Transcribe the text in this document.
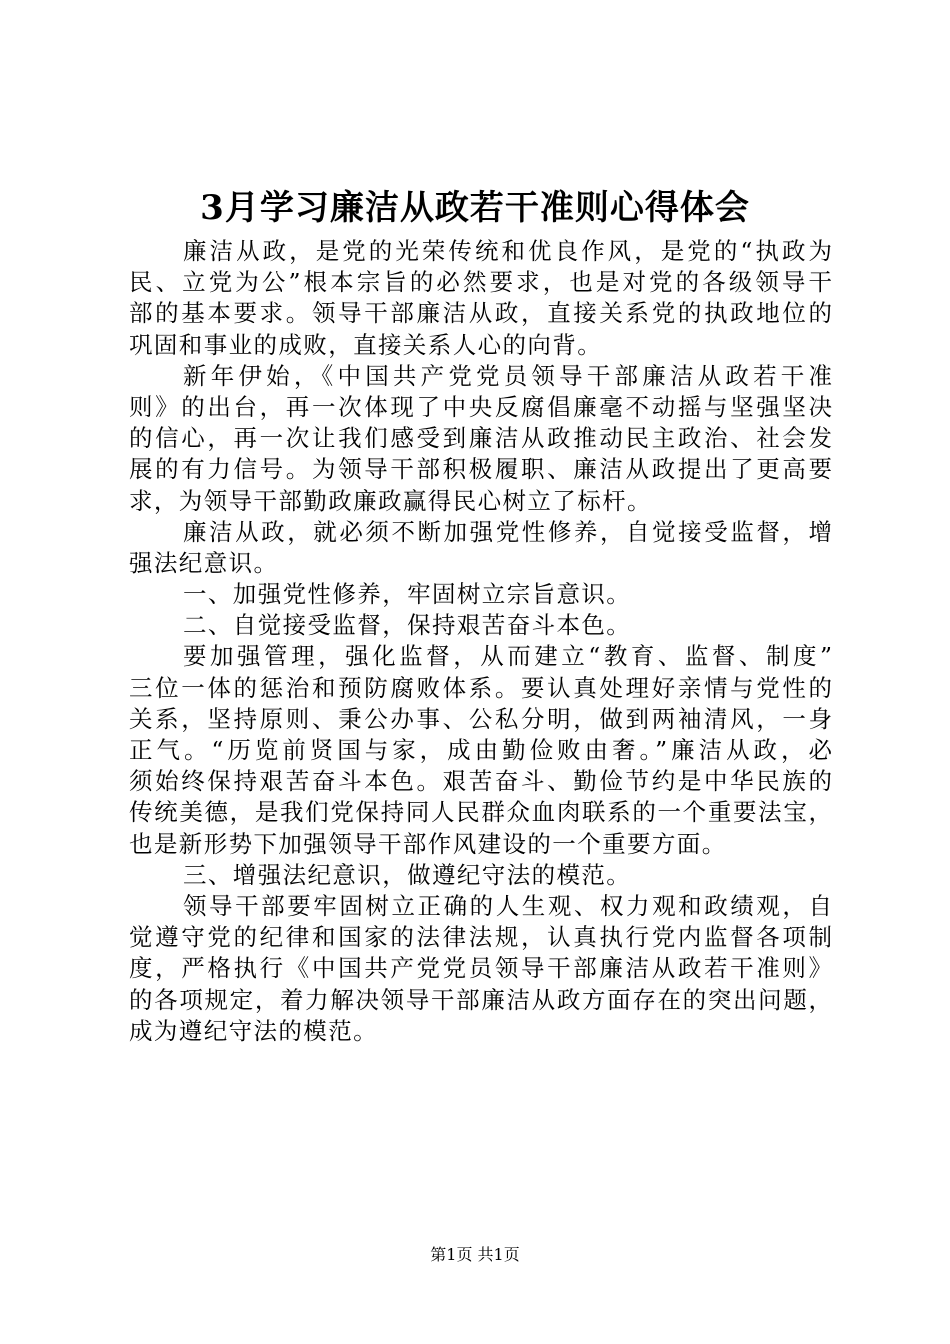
3月学习廉洁从政若干准则心得体会
廉洁从政，是党的光荣传统和优良作风，是党的“执政为
民、立党为公”根本宗旨的必然要求，也是对党的各级领导干
部的基本要求。领导干部廉洁从政，直接关系党的执政地位的
巩固和事业的成败，直接关系人心的向背。
新年伊始，《中国共产党党员领导干部廉洁从政若干准
则》的出台，再一次体现了中央反腐倡廉毫不动摇与坚强坚决
的信心，再一次让我们感受到廉洁从政推动民主政治、社会发
展的有力信号。为领导干部积极履职、廉洁从政提出了更高要
求，为领导干部勤政廉政赢得民心树立了标杆。
廉洁从政，就必须不断加强党性修养，自觉接受监督，增
强法纪意识。
一、加强党性修养，牢固树立宗旨意识。
二、自觉接受监督，保持艰苦奋斗本色。
要加强管理，强化监督，从而建立“教育、监督、制度”
三位一体的惩治和预防腐败体系。要认真处理好亲情与党性的
关系，坚持原则、秉公办事、公私分明，做到两袖清风，一身
正气。“历览前贤国与家，成由勤俭败由奢。”廉洁从政，必
须始终保持艰苦奋斗本色。艰苦奋斗、勤俭节约是中华民族的
传统美德，是我们党保持同人民群众血肉联系的一个重要法宝，
也是新形势下加强领导干部作风建设的一个重要方面。
三、增强法纪意识，做遵纪守法的模范。
领导干部要牢固树立正确的人生观、权力观和政绩观，自
觉遵守党的纪律和国家的法律法规，认真执行党内监督各项制
度，严格执行《中国共产党党员领导干部廉洁从政若干准则》
的各项规定，着力解决领导干部廉洁从政方面存在的突出问题，
成为遵纪守法的模范。
第1页 共1页
